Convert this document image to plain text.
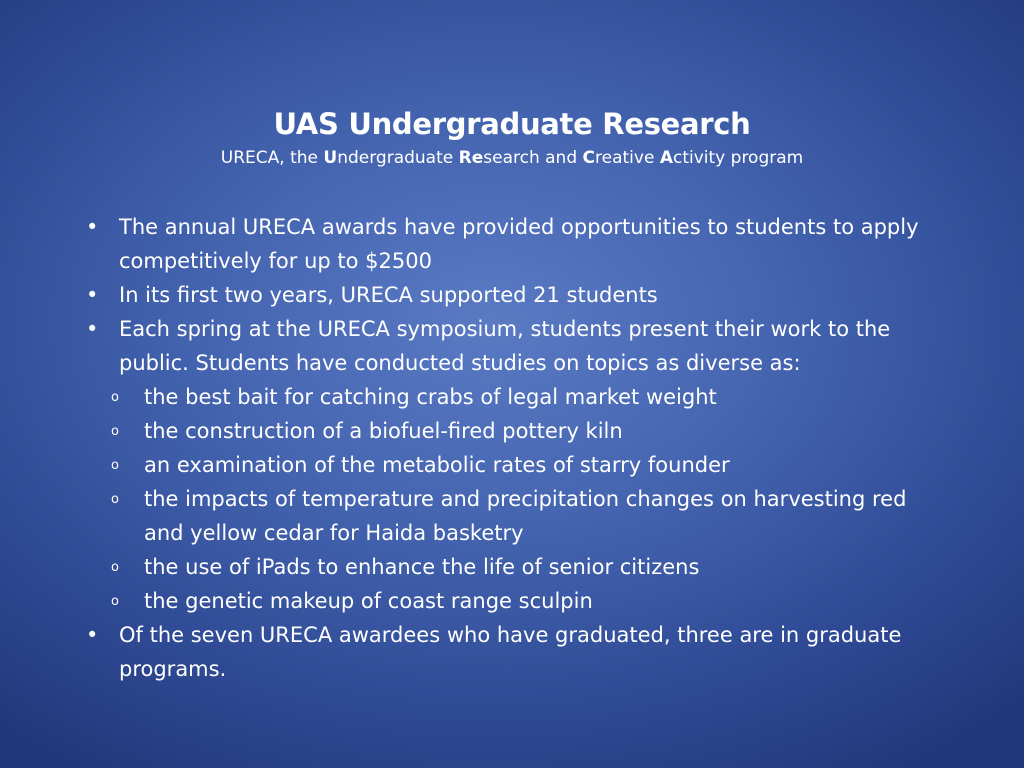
UAS Undergraduate Research
URECA, the Undergraduate Research and Creative Activity program
• The annual URECA awards have provided opportunities to students to apply competitively for up to $2500
• In its first two years, URECA supported 21 students
• Each spring at the URECA symposium, students present their work to the public. Students have conducted studies on topics as diverse as:
o the best bait for catching crabs of legal market weight
o the construction of a biofuel-fired pottery kiln
o an examination of the metabolic rates of starry founder
o the impacts of temperature and precipitation changes on harvesting red and yellow cedar for Haida basketry
o the use of iPads to enhance the life of senior citizens
o the genetic makeup of coast range sculpin
• Of the seven URECA awardees who have graduated, three are in graduate programs.
